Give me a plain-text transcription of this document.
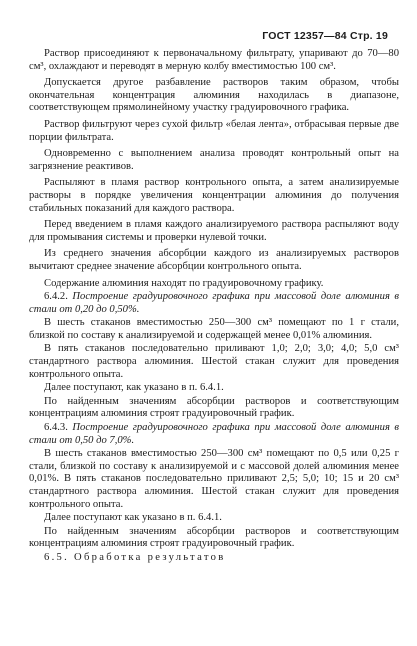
ГОСТ 12357—84 Стр. 19

Раствор присоединяют к первоначальному фильтрату, упаривают до 70—80 см³, охлаждают и переводят в мерную колбу вместимостью 100 см³.

Допускается другое разбавление растворов таким образом, чтобы окончательная концентрация алюминия находилась в диапазоне, соответствующем прямолинейному участку градуировочного графика.

Раствор фильтруют через сухой фильтр «белая лента», отбрасывая первые две порции фильтрата.

Одновременно с выполнением анализа проводят контрольный опыт на загрязнение реактивов.

Распыляют в пламя раствор контрольного опыта, а затем анализируемые растворы в порядке увеличения концентрации алюминия до получения стабильных показаний для каждого раствора.

Перед введением в пламя каждого анализируемого раствора распыляют воду для промывания системы и проверки нулевой точки.

Из среднего значения абсорбции каждого из анализируемых растворов вычитают среднее значение абсорбции контрольного опыта.

Содержание алюминия находят по градуировочному графику.

6.4.2. Построение градуировочного графика при массовой доле алюминия в стали от 0,20 до 0,50%.

В шесть стаканов вместимостью 250—300 см³ помещают по 1 г стали, близкой по составу к анализируемой и содержащей менее 0,01% алюминия.

В пять стаканов последовательно приливают 1,0; 2,0; 3,0; 4,0; 5,0 см³ стандартного раствора алюминия. Шестой стакан служит для проведения контрольного опыта.

Далее поступают, как указано в п. 6.4.1.

По найденным значениям абсорбции растворов и соответствующим концентрациям алюминия строят градуировочный график.

6.4.3. Построение градуировочного графика при массовой доле алюминия в стали от 0,50 до 7,0%.

В шесть стаканов вместимостью 250—300 см³ помещают по 0,5 или 0,25 г стали, близкой по составу к анализируемой и с массовой долей алюминия менее 0,01%. В пять стаканов последовательно приливают 2,5; 5,0; 10; 15 и 20 см³ стандартного раствора алюминия. Шестой стакан служит для проведения контрольного опыта.

Далее поступают как указано в п. 6.4.1.

По найденным значениям абсорбции растворов и соответствующим концентрациям алюминия строят градуировочный график.

6.5. Обработка результатов
